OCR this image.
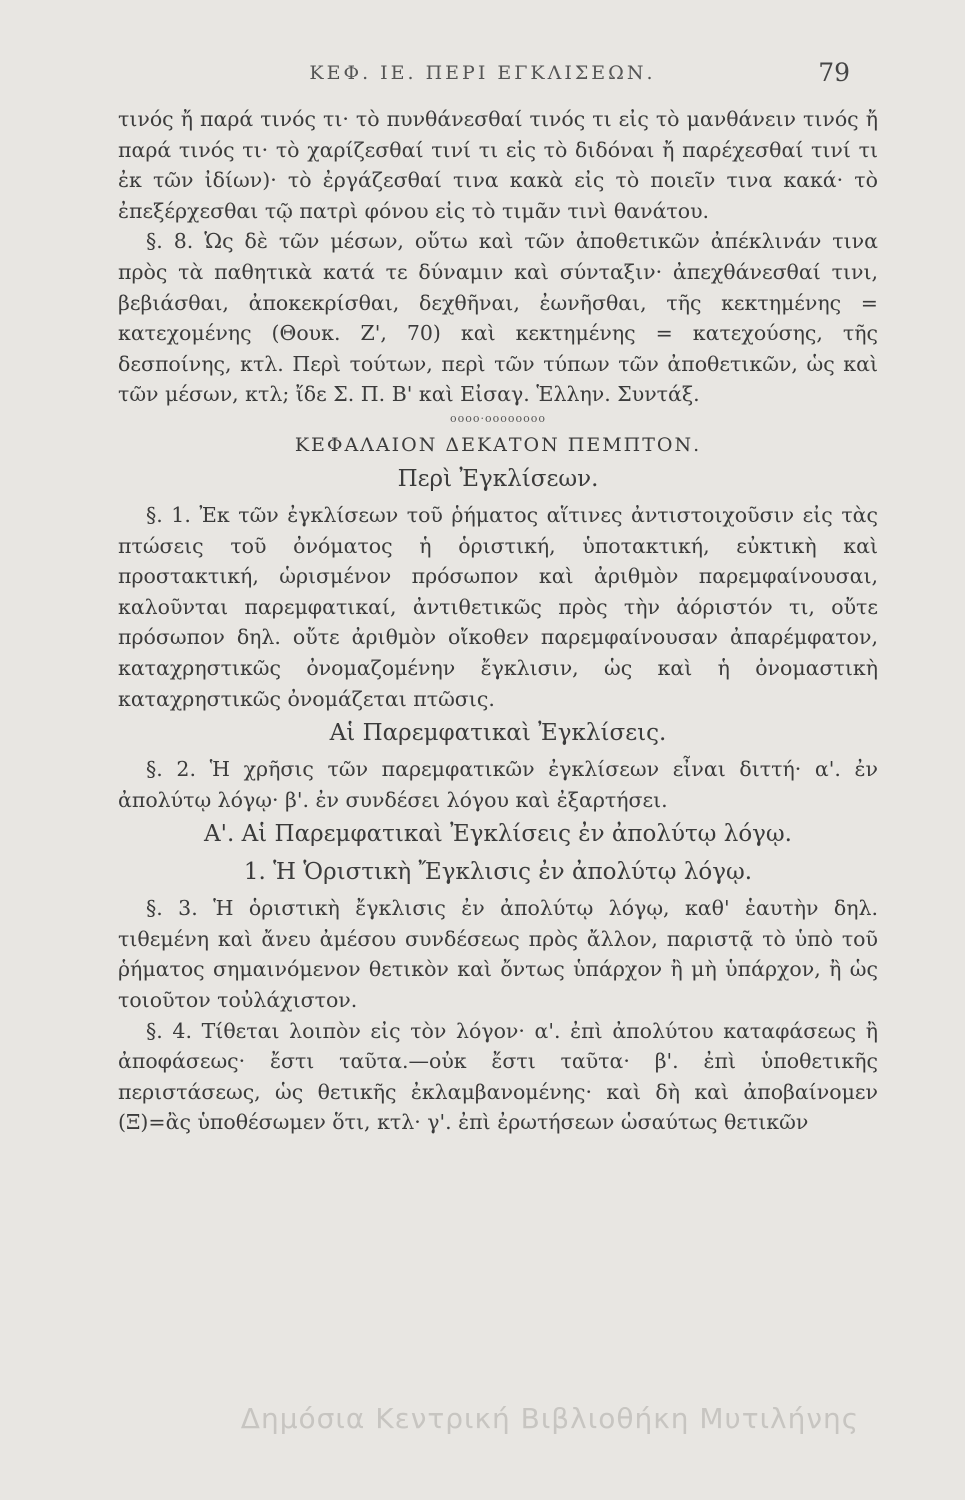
ΚΕΦ. ΙΕ. ΠΕΡΙ ΕΓΚΛΙΣΕΩΝ.	79

τινός ἤ παρά τινός τι· τὸ πυνθάνεσθαί τινός τι εἰς τὸ μανθάνειν τινός ἤ παρά τινός τι· τὸ χαρίζεσθαί τινί τι εἰς τὸ διδόναι ἤ παρέχεσθαί τινί τι ἐκ τῶν ἰδίων)· τὸ ἐργάζεσθαί τινα κακὰ εἰς τὸ ποιεῖν τινα κακά· τὸ ἐπεξέρχεσθαι τῷ πατρὶ φόνου εἰς τὸ τιμᾶν τινὶ θανάτου.

§. 8. Ὡς δὲ τῶν μέσων, οὕτω καὶ τῶν ἀποθετικῶν ἀπέκλινάν τινα πρὸς τὰ παθητικὰ κατά τε δύναμιν καὶ σύνταξιν· ἀπεχθάνεσθαί τινι, βεβιάσθαι, ἀποκεκρίσθαι, δεχθῆναι, ἐωνῆσθαι, τῆς κεκτημένης = κατεχομένης (Θουκ. Ζ', 70) καὶ κεκτημένης = κατεχούσης, τῆς δεσποίνης, κτλ. Περὶ τούτων, περὶ τῶν τύπων τῶν ἀποθετικῶν, ὡς καὶ τῶν μέσων, κτλ; ἴδε Σ. Π. Β' καὶ Εἰσαγ. Ἑλλην. Συντάξ.

oooo·oooooooo
ΚΕΦΑΛΑΙΟΝ ΔΕΚΑΤΟΝ ΠΕΜΠΤΟΝ.
Περὶ Ἐγκλίσεων.

§. 1. Ἐκ τῶν ἐγκλίσεων τοῦ ῥήματος αἵτινες ἀντιστοιχοῦσιν εἰς τὰς πτώσεις τοῦ ὀνόματος ἡ ὁριστική, ὑποτακτική, εὐκτικὴ καὶ προστακτική, ὡρισμένον πρόσωπον καὶ ἀριθμὸν παρεμφαίνουσαι, καλοῦνται παρεμφατικαί, ἀντιθετικῶς πρὸς τὴν ἀόριστόν τι, οὔτε πρόσωπον δηλ. οὔτε ἀριθμὸν οἴκοθεν παρεμφαίνουσαν ἀπαρέμφατον, καταχρηστικῶς ὀνομαζομένην ἔγκλισιν, ὡς καὶ ἡ ὀνομαστικὴ καταχρηστικῶς ὀνομάζεται πτῶσις.

Αἱ Παρεμφατικαὶ Ἐγκλίσεις.

§. 2. Ἡ χρῆσις τῶν παρεμφατικῶν ἐγκλίσεων εἶναι διττή· α'. ἐν ἀπολύτῳ λόγῳ· β'. ἐν συνδέσει λόγου καὶ ἐξαρτήσει.

Α'. Αἱ Παρεμφατικαὶ Ἐγκλίσεις ἐν ἀπολύτῳ λόγῳ.
1. Ἡ Ὁριστικὴ Ἔγκλισις ἐν ἀπολύτῳ λόγῳ.

§. 3. Ἡ ὁριστικὴ ἔγκλισις ἐν ἀπολύτῳ λόγῳ, καθ' ἑαυτὴν δηλ. τιθεμένη καὶ ἄνευ ἀμέσου συνδέσεως πρὸς ἄλλον, παριστᾷ τὸ ὑπὸ τοῦ ῥήματος σημαινόμενον θετικὸν καὶ ὄντως ὑπάρχον ἢ μὴ ὑπάρχον, ἢ ὡς τοιοῦτον τοὐλάχιστον.

§. 4. Τίθεται λοιπὸν εἰς τὸν λόγον· α'. ἐπὶ ἀπολύτου καταφάσεως ἢ ἀποφάσεως· ἔστι ταῦτα.—οὐκ ἔστι ταῦτα· β'. ἐπὶ ὑποθετικῆς περιστάσεως, ὡς θετικῆς ἐκλαμβανομένης· καὶ δὴ καὶ ἀποβαίνομεν (Ξ)=ἂς ὑποθέσωμεν ὅτι, κτλ· γ'. ἐπὶ ἐρωτήσεων ὡσαύτως θετικῶν

Δημόσια Κεντρική Βιβλιοθήκη Μυτιλήνης
